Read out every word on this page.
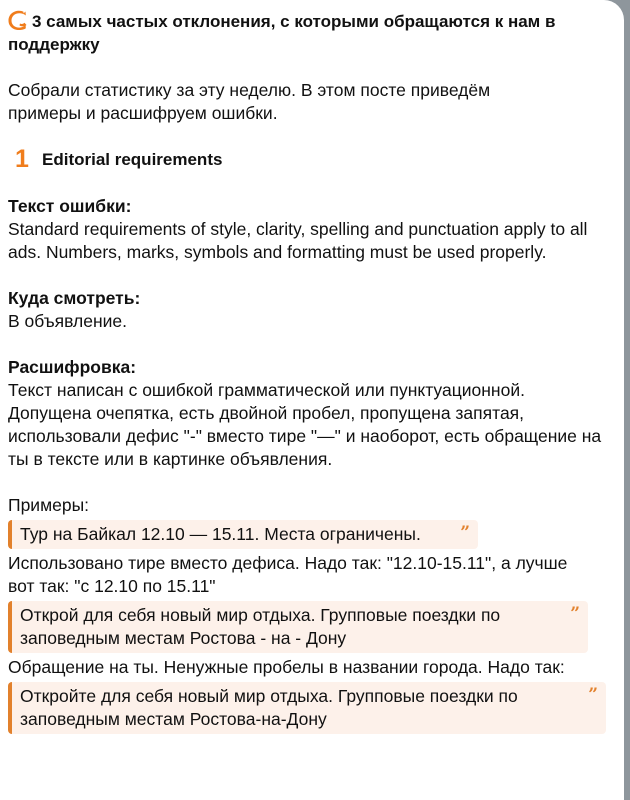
3 самых частых отклонения, с которыми обращаются к нам в поддержку

Собрали статистику за эту неделю. В этом посте приведём примеры и расшифруем ошибки.

1 Editorial requirements

Текст ошибки:

Standard requirements of style, clarity, spelling and punctuation apply to all ads. Numbers, marks, symbols and formatting must be used properly.

Куда смотреть:

В объявление.

Расшифровка:

Текст написан с ошибкой грамматической или пунктуационной. Допущена очепятка, есть двойной пробел, пропущена запятая, использовали дефис "-" вместо тире "—" и наоборот, есть обращение на ты в тексте или в картинке объявления.

Примеры:

Тур на Байкал 12.10 — 15.11. Места ограничены. ”

Использовано тире вместо дефиса. Надо так: "12.10-15.11", а лучше вот так: "с 12.10 по 15.11"

Открой для себя новый мир отдыха. Групповые поездки по заповедным местам Ростова - на - Дону
”

Обращение на ты. Ненужные пробелы в названии города. Надо так:

Откройте для себя новый мир отдыха. Групповые поездки по заповедным местам Ростова-на-Дону
”
